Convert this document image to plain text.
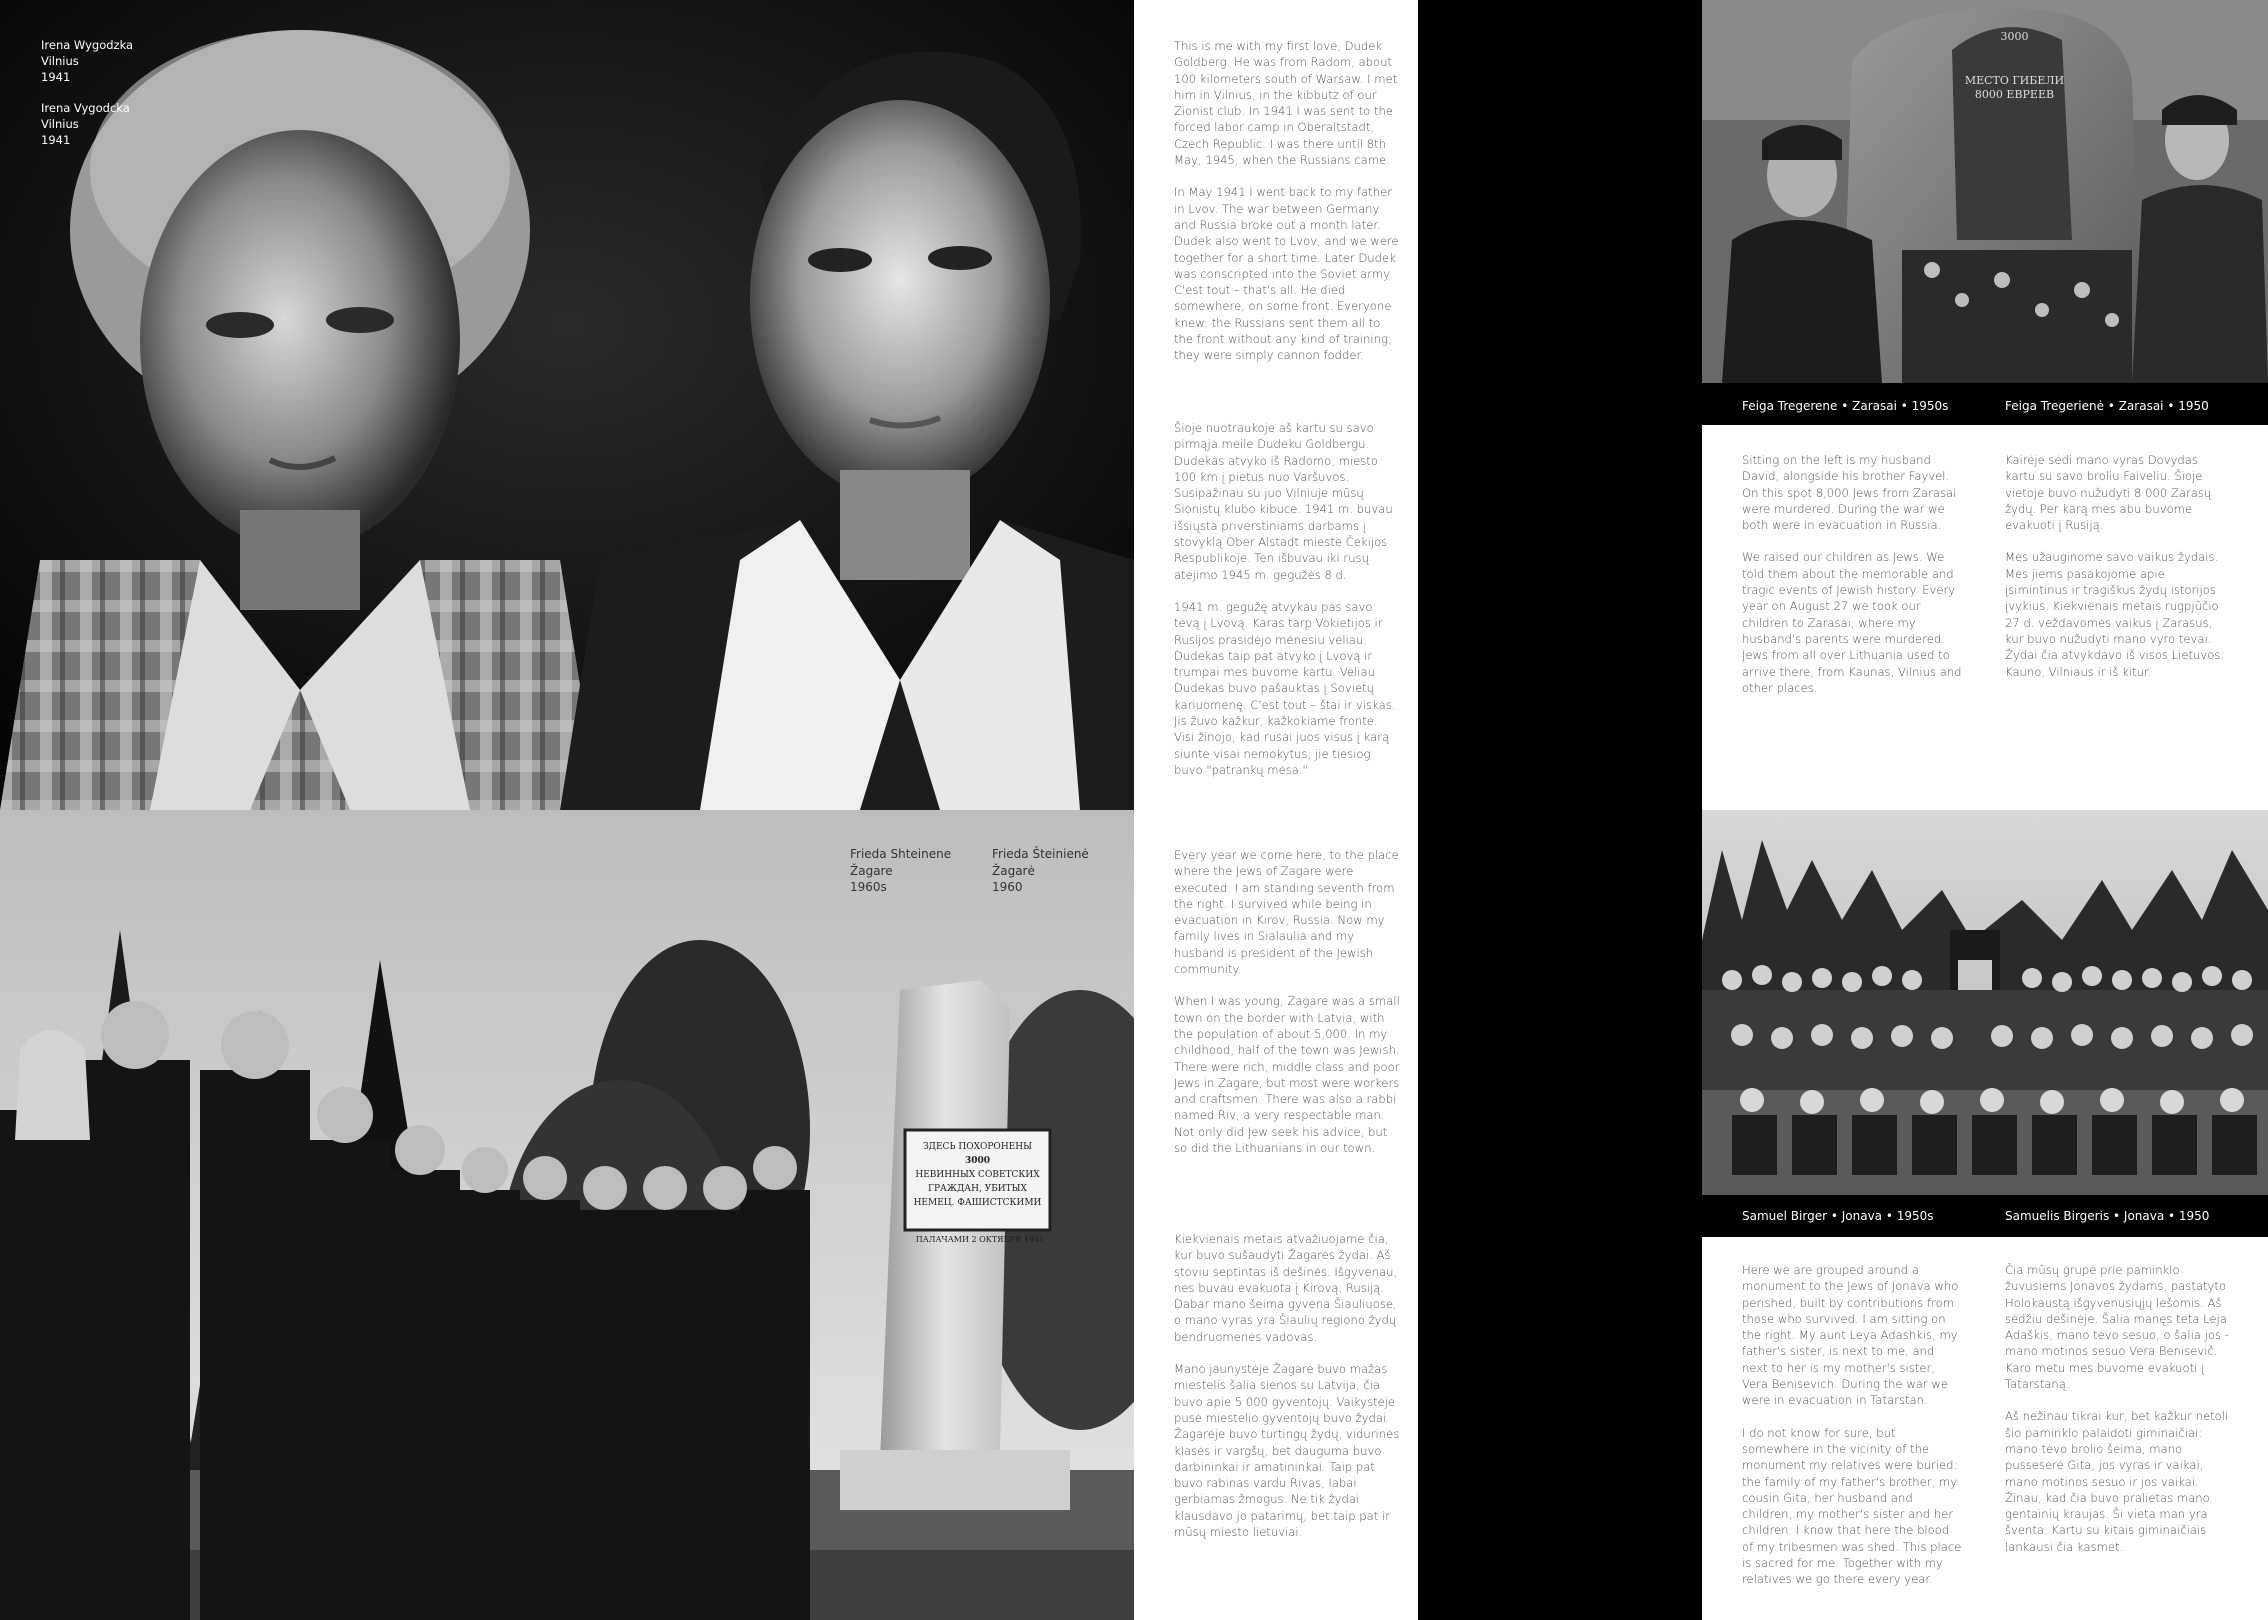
Irena Wygodzka
Vilnius
1941

Irena Vygodcka
Vilnius
1941

ЗДЕСЬ ПОХОРОНЕНЫ
3000
НЕВИННЫХ СОВЕТСКИХ
ГРАЖДАН, УБИТЫХ
НЕМЕЦ. ФАШИСТСКИМИ
ПАЛАЧАМИ 2 ОКТЯБРЯ 1941
Frieda Shteinene
Žagare
1960s
Frieda Šteinienė
Žagarė
1960

This is me with my first love, Dudek Goldberg. He was from Radom, about 100 kilometers south of Warsaw. I met him in Vilnius, in the kibbutz of our Zionist club. In 1941 I was sent to the forced labor camp in Oberaltstadt, Czech Republic. I was there until 8th May, 1945, when the Russians came.

In May 1941 I went back to my father in Lvov. The war between Germany and Russia broke out a month later. Dudek also went to Lvov, and we were together for a short time. Later Dudek was conscripted into the Soviet army. C'est tout – that's all. He died somewhere, on some front. Everyone knew: the Russians sent them all to the front without any kind of training; they were simply cannon fodder.

Šioje nuotraukoje aš kartu su savo pirmąja meile Dudeku Goldbergu. Dudekas atvyko iš Radomo, miesto 100 km į pietus nuo Varšuvos. Susipažinau su juo Vilniuje mūsų Sionistų klubo kibuce. 1941 m. buvau išsiųsta priverstiniams darbams į stovyklą Ober Alstadt mieste Čekijos Respublikoje. Ten išbuvau iki rusų atėjimo 1945 m. gegužės 8 d.

1941 m. gegužę atvykau pas savo tėvą į Lvovą. Karas tarp Vokietijos ir Rusijos prasidėjo mėnesiu vėliau. Dudekas taip pat atvyko į Lvovą ir trumpai mes buvome kartu. Vėliau Dudekas buvo pašauktas į Sovietų kariuomenę. C'est tout – štai ir viskas. Jis žuvo kažkur, kažkokiame fronte. Visi žinojo, kad rusai juos visus į karą siuntė visai nemokytus; jie tiesiog buvo "patrankų mėsa."

Every year we come here, to the place where the Jews of Zagare were executed. I am standing seventh from the right. I survived while being in evacuation in Kirov, Russia. Now my family lives in Sialaulia and my husband is president of the Jewish community.

When I was young, Zagare was a small town on the border with Latvia, with the population of about 5,000. In my childhood, half of the town was Jewish. There were rich, middle class and poor Jews in Zagare, but most were workers and craftsmen. There was also a rabbi named Riv, a very respectable man. Not only did Jew seek his advice, but so did the Lithuanians in our town.

Kiekvienais metais atvažiuojame čia, kur buvo sušaudyti Žagarės žydai. Aš stoviu septintas iš dešinės. Išgyvenau, nes buvau evakuota į Kirovą, Rusiją. Dabar mano šeima gyvena Šiauliuose, o mano vyras yra Šiaulių regiono žydų bendruomenės vadovas.

Mano jaunystėje Žagarė buvo mažas miestelis šalia sienos su Latvija, čia buvo apie 5 000 gyventojų. Vaikystėje pusė miestelio gyventojų buvo žydai. Žagarėje buvo turtingų žydų, vidurinės klasės ir vargšų, bet dauguma buvo darbininkai ir amatininkai. Taip pat buvo rabinas vardu Rivas, labai gerbiamas žmogus. Ne tik žydai klausdavo jo patarimų, bet taip pat ir mūsų miesto lietuviai.

3000
МЕСТО ГИБЕЛИ
8000 ЕВРЕЕВ
Feiga Tregerene • Zarasai • 1950s	Feiga Tregerienė • Zarasai • 1950

Sitting on the left is my husband David, alongside his brother Fayvel. On this spot 8,000 Jews from Zarasai were murdered. During the war we both were in evacuation in Russia.

We raised our children as Jews. We told them about the memorable and tragic events of Jewish history. Every year on August 27 we took our children to Zarasai, where my husband's parents were murdered. Jews from all over Lithuania used to arrive there, from Kaunas, Vilnius and other places.

Kairėje sėdi mano vyras Dovydas kartu su savo broliu Faiveliu. Šioje vietoje buvo nužudyti 8 000 Zarasų žydų. Per karą mes abu buvome evakuoti į Rusiją.

Mes užauginome savo vaikus žydais. Mes jiems pasakojome apie įsimintinus ir tragiškus žydų istorijos įvykius. Kiekvienais metais rugpjūčio 27 d. veždavomės vaikus į Zarasus, kur buvo nužudyti mano vyro tėvai. Žydai čia atvykdavo iš visos Lietuvos: Kauno, Vilniaus ir iš kitur.

Samuel Birger • Jonava • 1950s	Samuelis Birgeris • Jonava • 1950

Here we are grouped around a monument to the Jews of Jonava who perished, built by contributions from those who survived. I am sitting on the right. My aunt Leya Adashkis, my father's sister, is next to me, and next to her is my mother's sister, Vera Benisevich. During the war we were in evacuation in Tatarstan.

I do not know for sure, but somewhere in the vicinity of the monument my relatives were buried: the family of my father's brother, my cousin Gita, her husband and children, my mother's sister and her children. I know that here the blood of my tribesmen was shed. This place is sacred for me. Together with my relatives we go there every year.

Čia mūsų grupė prie paminklo žuvusiems Jonavos žydams, pastatyto Holokaustą išgyvenusiųjų lėšomis. Aš sėdžiu dešinėje. Šalia manęs teta Lėja Adaškis, mano tėvo sesuo, o šalia jos - mano motinos sesuo Vera Benisevič. Karo metu mes buvome evakuoti į Tatarstaną.

Aš nežinau tikrai kur, bet kažkur netoli šio paminklo palaidoti giminaičiai: mano tėvo brolio šeima, mano pusseserė Gita, jos vyras ir vaikai, mano motinos sesuo ir jos vaikai. Žinau, kad čia buvo pralietas mano gentainių kraujas. Ši vieta man yra šventa. Kartu su kitais giminaičiais lankausi čia kasmet.
